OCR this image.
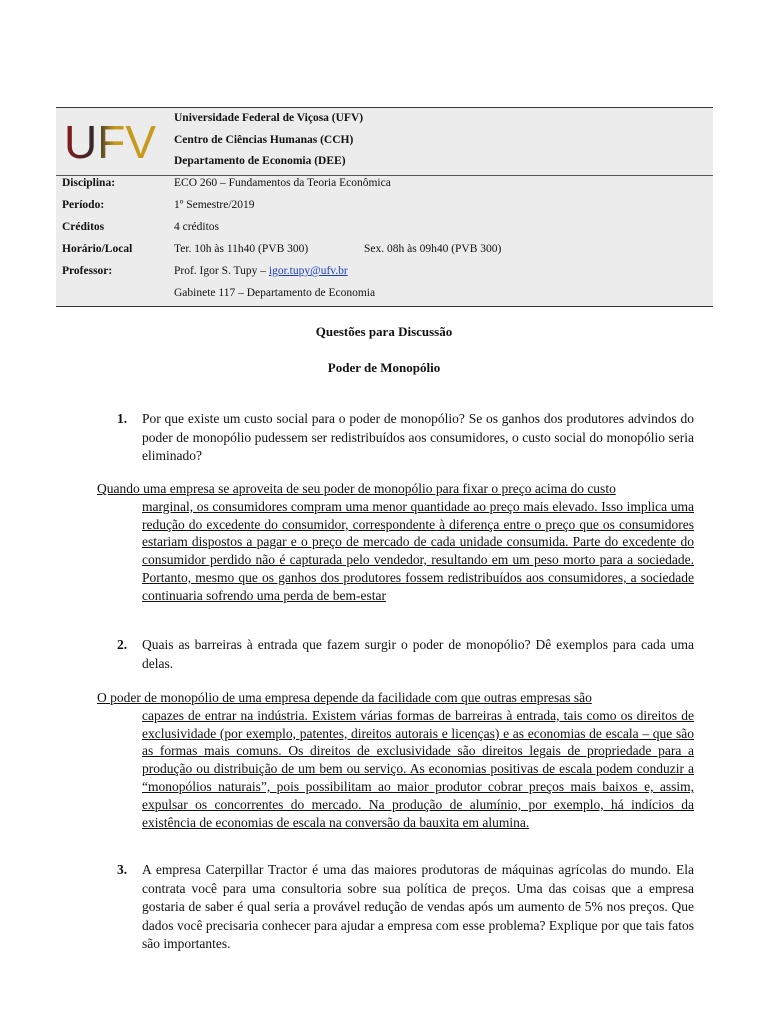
UFV Universidade Federal de Viçosa (UFV)
Centro de Ciências Humanas (CCH)
Departamento de Economia (DEE)
Disciplina:	ECO 260 – Fundamentos da Teoria Econômica
Período:	1º Semestre/2019
Créditos	4 créditos
Horário/Local	Ter. 10h às 11h40 (PVB 300)	Sex. 08h às 09h40 (PVB 300)
Professor:	Prof. Igor S. Tupy – igor.tupy@ufv.br
Gabinete 117 – Departamento de Economia
Questões para Discussão
Poder de Monopólio
1. Por que existe um custo social para o poder de monopólio? Se os ganhos dos produtores advindos do poder de monopólio pudessem ser redistribuídos aos consumidores, o custo social do monopólio seria eliminado?
Quando uma empresa se aproveita de seu poder de monopólio para fixar o preço acima do custo
marginal, os consumidores compram uma menor quantidade ao preço mais elevado. Isso implica uma redução do excedente do consumidor, correspondente à diferença entre o preço que os consumidores estariam dispostos a pagar e o preço de mercado de cada unidade consumida. Parte do excedente do consumidor perdido não é capturada pelo vendedor, resultando em um peso morto para a sociedade. Portanto, mesmo que os ganhos dos produtores fossem redistribuídos aos consumidores, a sociedade continuaria sofrendo uma perda de bem-estar
2. Quais as barreiras à entrada que fazem surgir o poder de monopólio? Dê exemplos para cada uma delas.
O poder de monopólio de uma empresa depende da facilidade com que outras empresas são
capazes de entrar na indústria. Existem várias formas de barreiras à entrada, tais como os direitos de exclusividade (por exemplo, patentes, direitos autorais e licenças) e as economias de escala – que são as formas mais comuns. Os direitos de exclusividade são direitos legais de propriedade para a produção ou distribuição de um bem ou serviço. As economias positivas de escala podem conduzir a “monopólios naturais”, pois possibilitam ao maior produtor cobrar preços mais baixos e, assim, expulsar os concorrentes do mercado. Na produção de alumínio, por exemplo, há indícios da existência de economias de escala na conversão da bauxita em alumina.
3. A empresa Caterpillar Tractor é uma das maiores produtoras de máquinas agrícolas do mundo. Ela contrata você para uma consultoria sobre sua política de preços. Uma das coisas que a empresa gostaria de saber é qual seria a provável redução de vendas após um aumento de 5% nos preços. Que dados você precisaria conhecer para ajudar a empresa com esse problema? Explique por que tais fatos são importantes.
